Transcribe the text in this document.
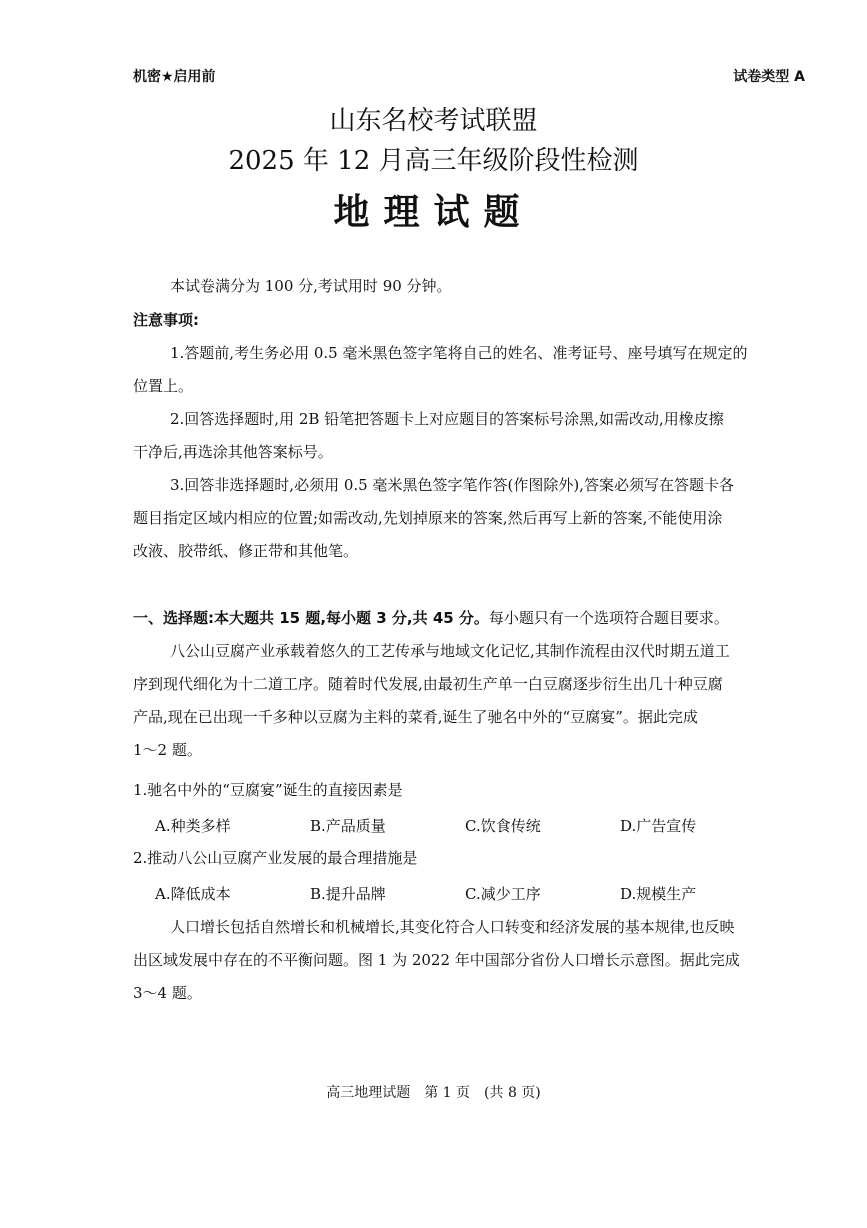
机密★启用前	试卷类型 A
山东名校考试联盟
2025 年 12 月高三年级阶段性检测
地理试题
本试卷满分为 100 分,考试用时 90 分钟。
注意事项:
1.答题前,考生务必用 0.5 毫米黑色签字笔将自己的姓名、准考证号、座号填写在规定的
位置上。
2.回答选择题时,用 2B 铅笔把答题卡上对应题目的答案标号涂黑,如需改动,用橡皮擦
干净后,再选涂其他答案标号。
3.回答非选择题时,必须用 0.5 毫米黑色签字笔作答(作图除外),答案必须写在答题卡各
题目指定区域内相应的位置;如需改动,先划掉原来的答案,然后再写上新的答案,不能使用涂
改液、胶带纸、修正带和其他笔。
一、选择题:本大题共 15 题,每小题 3 分,共 45 分。每小题只有一个选项符合题目要求。
八公山豆腐产业承载着悠久的工艺传承与地域文化记忆,其制作流程由汉代时期五道工
序到现代细化为十二道工序。随着时代发展,由最初生产单一白豆腐逐步衍生出几十种豆腐
产品,现在已出现一千多种以豆腐为主料的菜肴,诞生了驰名中外的“豆腐宴”。据此完成
1～2 题。
1.驰名中外的“豆腐宴”诞生的直接因素是
A.种类多样	B.产品质量	C.饮食传统	D.广告宣传
2.推动八公山豆腐产业发展的最合理措施是
A.降低成本	B.提升品牌	C.减少工序	D.规模生产
人口增长包括自然增长和机械增长,其变化符合人口转变和经济发展的基本规律,也反映
出区域发展中存在的不平衡问题。图 1 为 2022 年中国部分省份人口增长示意图。据此完成
3～4 题。
高三地理试题　第 1 页　(共 8 页)
